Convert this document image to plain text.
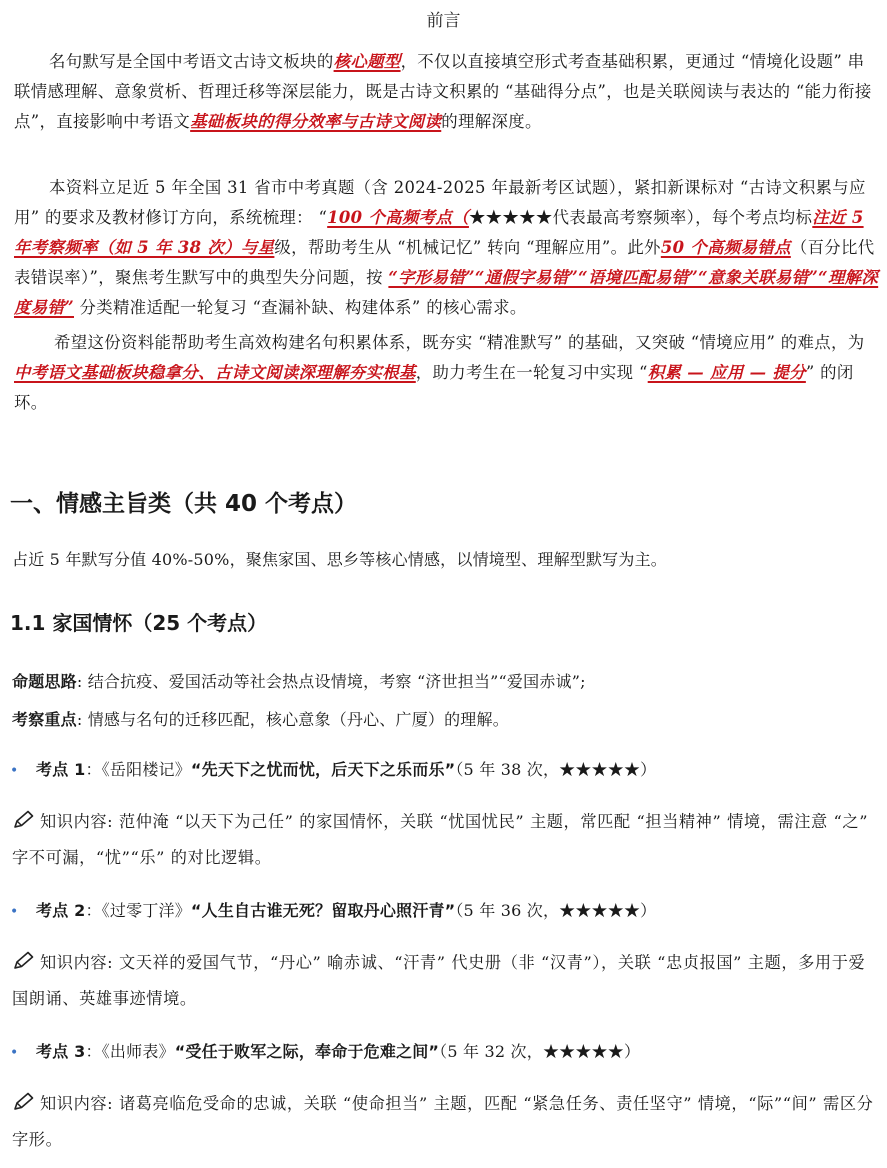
前言
名句默写是全国中考语文古诗文板块的核心题型，不仅以直接填空形式考查基础积累，更通过 “情境化设题” 串联情感理解、意象赏析、哲理迁移等深层能力，既是古诗文积累的 “基础得分点”，也是关联阅读与表达的 “能力衔接点”，直接影响中考语文基础板块的得分效率与古诗文阅读的理解深度。
本资料立足近 5 年全国 31 省市中考真题（含 2024-2025 年最新考区试题），紧扣新课标对 “古诗文积累与应用” 的要求及教材修订方向，系统梳理： “100 个高频考点（★★★★★代表最高考察频率），每个考点均标注近 5 年考察频率（如 5 年 38 次）与星级，帮助考生从 “机械记忆” 转向 “理解应用”。此外50 个高频易错点（百分比代表错误率）”，聚焦考生默写中的典型失分问题，按 “字形易错”“通假字易错”“语境匹配易错”“意象关联易错”“理解深度易错” 分类精准适配一轮复习 “查漏补缺、构建体系” 的核心需求。
希望这份资料能帮助考生高效构建名句积累体系，既夯实 “精准默写” 的基础，又突破 “情境应用” 的难点，为中考语文基础板块稳拿分、古诗文阅读深理解夯实根基，助力考生在一轮复习中实现 “积累 — 应用 — 提分” 的闭环。
一、情感主旨类（共 40 个考点）
占近 5 年默写分值 40%-50%，聚焦家国、思乡等核心情感，以情境型、理解型默写为主。
1.1 家国情怀（25 个考点）
命题思路: 结合抗疫、爱国活动等社会热点设情境，考察 “济世担当”“爱国赤诚”;
考察重点: 情感与名句的迁移匹配，核心意象（丹心、广厦）的理解。
• 考点 1：《岳阳楼记》“先天下之忧而忧，后天下之乐而乐”（5 年 38 次，★★★★★）
知识内容: 范仲淹 “以天下为己任” 的家国情怀，关联 “忧国忧民” 主题，常匹配 “担当精神” 情境，需注意 “之” 字不可漏，“忧”“乐” 的对比逻辑。
• 考点 2：《过零丁洋》“人生自古谁无死？留取丹心照汗青”（5 年 36 次，★★★★★）
知识内容: 文天祥的爱国气节，“丹心” 喻赤诚、“汗青” 代史册（非 “汉青”），关联 “忠贞报国” 主题，多用于爱国朗诵、英雄事迹情境。
• 考点 3：《出师表》“受任于败军之际，奉命于危难之间”（5 年 32 次，★★★★★）
知识内容: 诸葛亮临危受命的忠诚，关联 “使命担当” 主题，匹配 “紧急任务、责任坚守” 情境，“际”“间” 需区分字形。
